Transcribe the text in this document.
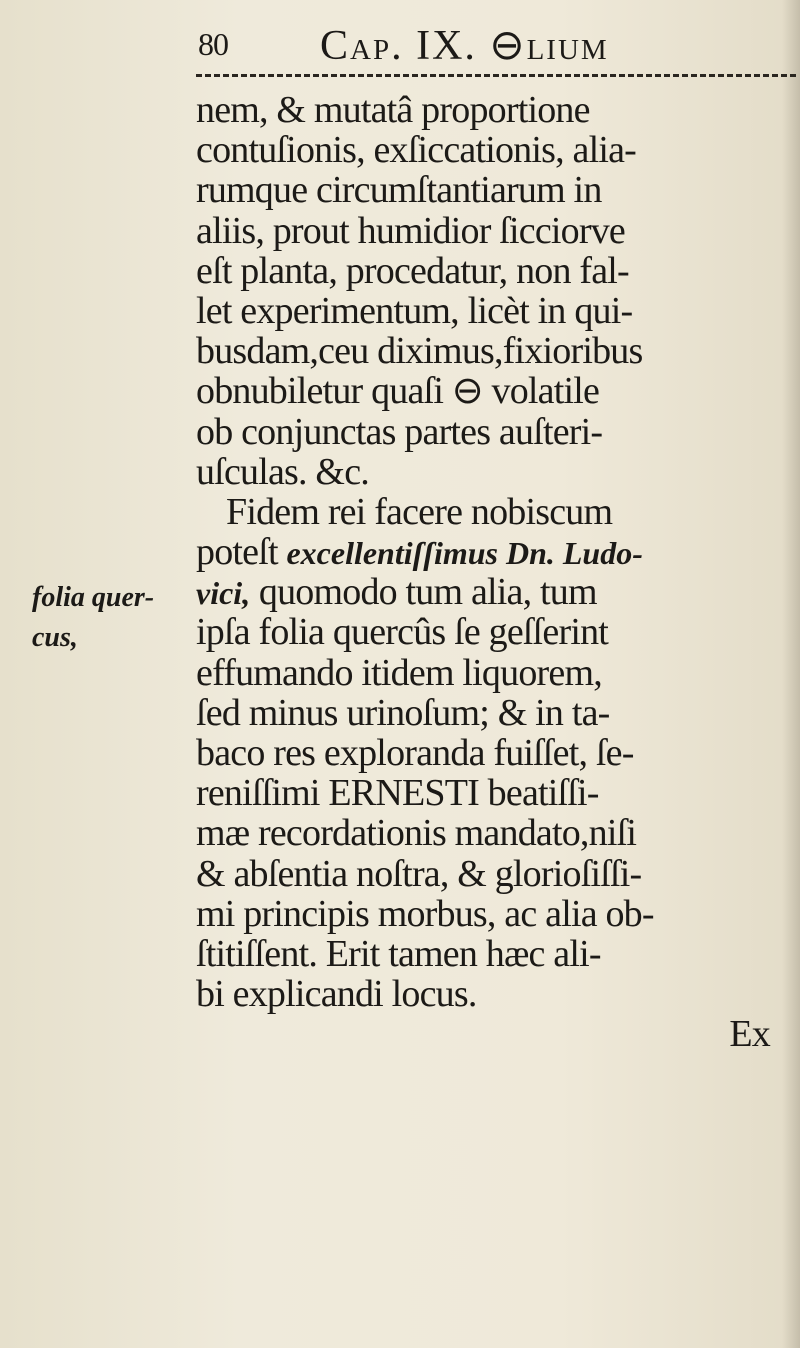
80 Cap. IX. ⊖lium
folia quer-
cus,
nem, & mutatâ proportione
contuſionis, exſiccationis, alia-
rumque circumſtantiarum in
aliis, prout humidior ſicciorve
eſt planta, procedatur, non fal-
let experimentum, licèt in qui-
busdam,ceu diximus,fixioribus
obnubiletur quaſi ⊖ volatile
ob conjunctas partes auſteri-
uſculas. &c.
Fidem rei facere nobiscum
poteſt excellentiſſimus Dn. Ludo-
vici, quomodo tum alia, tum
ipſa folia quercûs ſe geſſerint
effumando itidem liquorem,
ſed minus urinoſum; & in ta-
baco res exploranda fuiſſet, ſe-
reniſſimi ERNESTI beatiſſi-
mæ recordationis mandato,niſi
& abſentia noſtra, & glorioſiſſi-
mi principis morbus, ac alia ob-
ſtitiſſent. Erit tamen hæc ali-
bi explicandi locus.
Ex
